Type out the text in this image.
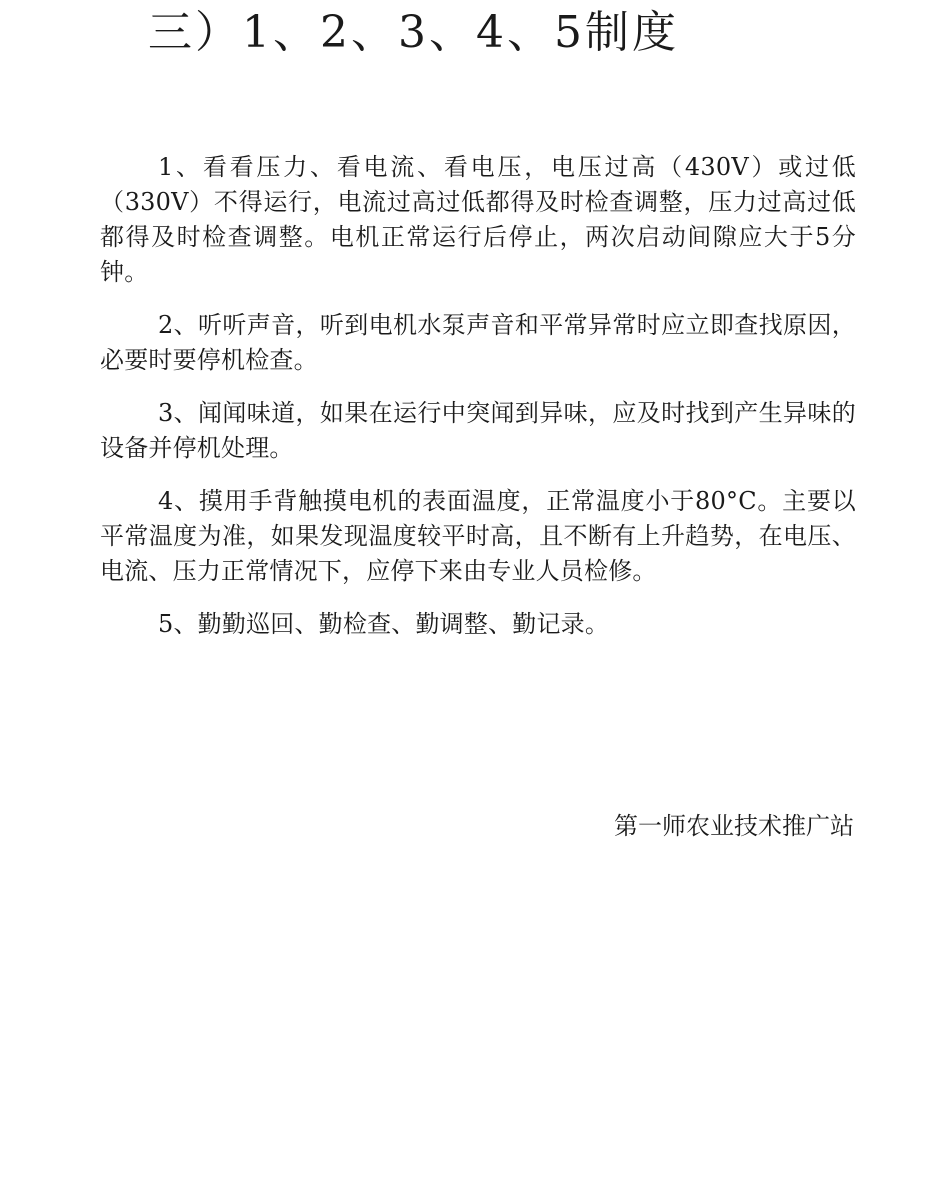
三）1、2、3、4、5制度

1、看看压力、看电流、看电压，电压过高（430V）或过低（330V）不得运行，电流过高过低都得及时检查调整，压力过高过低都得及时检查调整。电机正常运行后停止，两次启动间隙应大于5分钟。

2、听听声音，听到电机水泵声音和平常异常时应立即查找原因，必要时要停机检查。

3、闻闻味道，如果在运行中突闻到异味，应及时找到产生异味的设备并停机处理。

4、摸用手背触摸电机的表面温度，正常温度小于80°C。主要以平常温度为准，如果发现温度较平时高，且不断有上升趋势，在电压、电流、压力正常情况下，应停下来由专业人员检修。

5、勤勤巡回、勤检查、勤调整、勤记录。

第一师农业技术推广站
